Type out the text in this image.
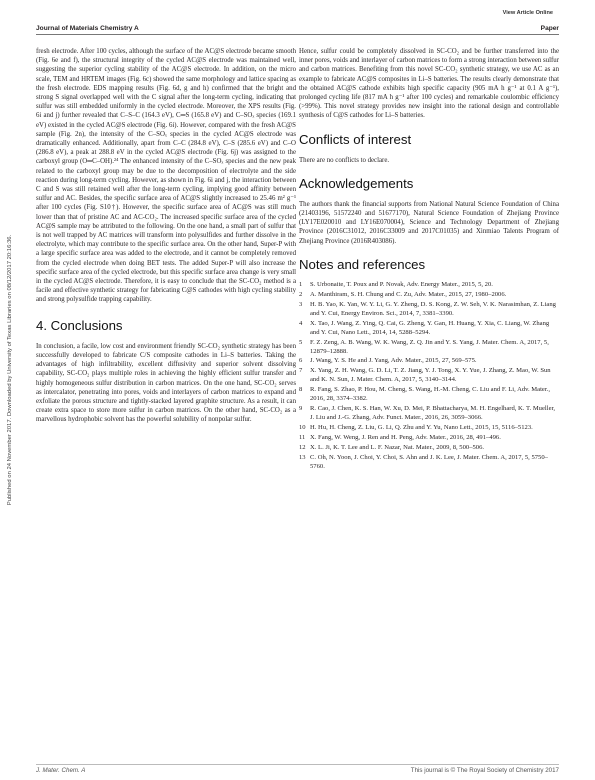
View Article Online
Journal of Materials Chemistry A	Paper
Published on 24 November 2017. Downloaded by University of Texas Libraries on 08/12/2017 20:16:36.

fresh electrode. After 100 cycles, although the surface of the AC@S electrode became smooth (Fig. 6e and f), the structural integrity of the cycled AC@S electrode was maintained well, suggesting the superior cycling stability of the AC@S electrode. In addition, on the micro scale, TEM and HRTEM images (Fig. 6c) showed the same morphology and lattice spacing as the fresh electrode. EDS mapping results (Fig. 6d, g and h) confirmed that the bright and strong S signal overlapped well with the C signal after the long-term cycling, indicating that sulfur was still embedded uniformly in the cycled electrode. Moreover, the XPS results (Fig. 6i and j) further revealed that C–S–C (164.3 eV), C═S (165.8 eV) and C–SOₓ species (169.1 eV) existed in the cycled AC@S electrode (Fig. 6i). However, compared with the fresh AC@S sample (Fig. 2n), the intensity of the C–SOₓ species in the cycled AC@S electrode was dramatically enhanced. Additionally, apart from C–C (284.8 eV), C–S (285.6 eV) and C–O (286.8 eV), a peak at 288.8 eV in the cycled AC@S electrode (Fig. 6j) was assigned to the carboxyl group (O═C–OH).²⁴ The enhanced intensity of the C–SOₓ species and the new peak related to the carboxyl group may be due to the decomposition of electrolyte and the side reaction during long-term cycling. However, as shown in Fig. 6i and j, the interaction between C and S was still retained well after the long-term cycling, implying good affinity between sulfur and AC. Besides, the specific surface area of AC@S slightly increased to 25.46 m² g⁻¹ after 100 cycles (Fig. S10†). However, the specific surface area of AC@S was still much lower than that of pristine AC and AC-CO₂. The increased specific surface area of the cycled AC@S sample may be attributed to the following. On the one hand, a small part of sulfur that is not well trapped by AC matrices will transform into polysulfides and further dissolve in the electrolyte, which may contribute to the specific surface area. On the other hand, Super-P with a large specific surface area was added to the electrode, and it cannot be completely removed from the cycled electrode when doing BET tests. The added Super-P will also increase the specific surface area of the cycled electrode, but this specific surface area change is very small in the cycled AC@S electrode. Therefore, it is easy to conclude that the SC-CO₂ method is a facile and effective synthetic strategy for fabricating C@S cathodes with high cycling stability and strong polysulfide trapping capability.

4. Conclusions

In conclusion, a facile, low cost and environment friendly SC-CO₂ synthetic strategy has been successfully developed to fabricate C/S composite cathodes in Li–S batteries. Taking the advantages of high infiltrability, excellent diffusivity and superior solvent dissolving capability, SC-CO₂ plays multiple roles in achieving the highly efficient sulfur transfer and highly homogeneous sulfur distribution in carbon matrices. On the one hand, SC-CO₂ serves as intercalator, penetrating into pores, voids and interlayers of carbon matrices to expand and exfoliate the porous structure and tightly-stacked layered graphite structure. As a result, it can create extra space to store more sulfur in carbon matrices. On the other hand, SC-CO₂ as a marvellous hydrophobic solvent has the powerful solubility of nonpolar sulfur.

Hence, sulfur could be completely dissolved in SC-CO₂ and be further transferred into the inner pores, voids and interlayer of carbon matrices to form a strong interaction between sulfur and carbon matrices. Benefiting from this novel SC-CO₂ synthetic strategy, we use AC as an example to fabricate AC@S composites in Li–S batteries. The results clearly demonstrate that the obtained AC@S cathode exhibits high specific capacity (905 mA h g⁻¹ at 0.1 A g⁻¹), prolonged cycling life (817 mA h g⁻¹ after 100 cycles) and remarkable coulombic efficiency (>99%). This novel strategy provides new insight into the rational design and controllable synthesis of C@S cathodes for Li–S batteries.

Conflicts of interest

There are no conflicts to declare.

Acknowledgements

The authors thank the financial supports from National Natural Science Foundation of China (21403196, 51572240 and 51677170), Natural Science Foundation of Zhejiang Province (LY17E020010 and LY16E070004), Science and Technology Department of Zhejiang Province (2016C31012, 2016C33009 and 2017C01035) and Xinmiao Talents Program of Zhejiang Province (2016R403086).

Notes and references
1	S. Urbonaite, T. Poux and P. Novak, Adv. Energy Mater., 2015, 5, 20.
2	A. Manthiram, S. H. Chung and C. Zu, Adv. Mater., 2015, 27, 1980–2006.
3	H. B. Yao, K. Yan, W. Y. Li, G. Y. Zheng, D. S. Kong, Z. W. Seh, V. K. Narasimhan, Z. Liang and Y. Cui, Energy Environ. Sci., 2014, 7, 3381–3390.
4	X. Tao, J. Wang, Z. Ying, Q. Cai, G. Zheng, Y. Gan, H. Huang, Y. Xia, C. Liang, W. Zhang and Y. Cui, Nano Lett., 2014, 14, 5288–5294.
5	F. Z. Zeng, A. B. Wang, W. K. Wang, Z. Q. Jin and Y. S. Yang, J. Mater. Chem. A, 2017, 5, 12879–12888.
6	J. Wang, Y. S. He and J. Yang, Adv. Mater., 2015, 27, 569–575.
7	X. Yang, Z. H. Wang, G. D. Li, T. Z. Jiang, Y. J. Tong, X. Y. Yue, J. Zhang, Z. Mao, W. Sun and K. N. Sun, J. Mater. Chem. A, 2017, 5, 3140–3144.
8	R. Fang, S. Zhao, P. Hou, M. Cheng, S. Wang, H.-M. Cheng, C. Liu and F. Li, Adv. Mater., 2016, 28, 3374–3382.
9	R. Cao, J. Chen, K. S. Han, W. Xu, D. Mei, P. Bhattacharya, M. H. Engelhard, K. T. Mueller, J. Liu and J.-G. Zhang, Adv. Funct. Mater., 2016, 26, 3059–3066.
10 H. Hu, H. Cheng, Z. Liu, G. Li, Q. Zhu and Y. Yu, Nano Lett., 2015, 15, 5116–5123.
11 X. Fang, W. Weng, J. Ren and H. Peng, Adv. Mater., 2016, 28, 491–496.
12 X. L. Ji, K. T. Lee and L. F. Nazar, Nat. Mater., 2009, 8, 500–506.
13 C. Oh, N. Yoon, J. Choi, Y. Choi, S. Ahn and J. K. Lee, J. Mater. Chem. A, 2017, 5, 5750–5760.
J. Mater. Chem. A	This journal is © The Royal Society of Chemistry 2017
